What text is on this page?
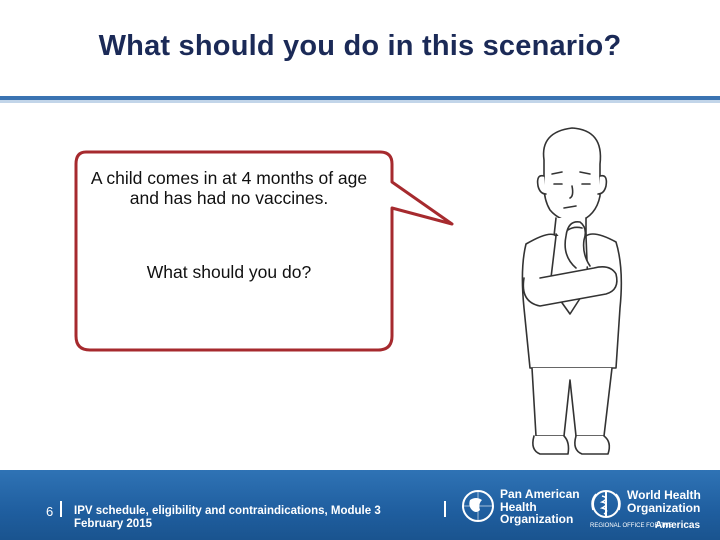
What should you do in this scenario?
A child comes in at 4 months of age and has had no vaccines.
What should you do?
6 IPV schedule, eligibility and contraindications, Module 3
February 2015
Pan American
Health
Organization
World Health
Organization
REGIONAL OFFICE FOR THE
Americas
